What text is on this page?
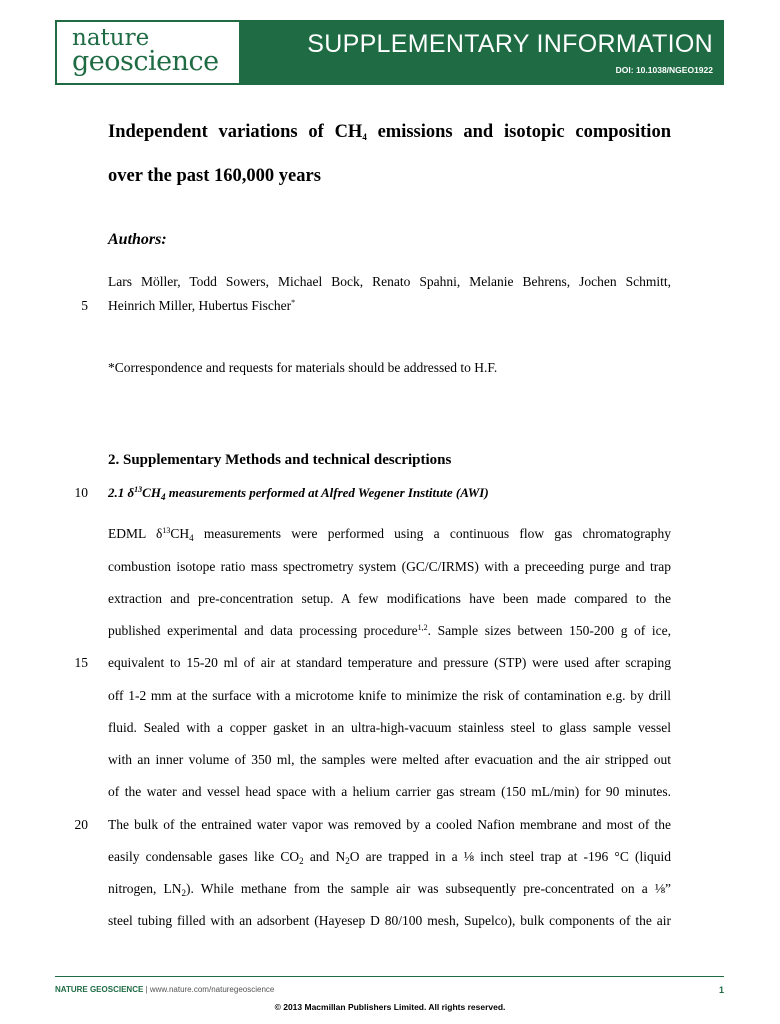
nature
geoscience
SUPPLEMENTARY INFORMATION
DOI: 10.1038/NGEO1922
Independent variations of $CH_4$ emissions and isotopic composition
over the past 160,000 years
Authors:
Lars Möller, Todd Sowers, Michael Bock, Renato Spahni, Melanie Behrens, Jochen Schmitt,
5 Heinrich Miller, Hubertus Fischer*
*Correspondence and requests for materials should be addressed to H.F.
2. Supplementary Methods and technical descriptions
10 2.1 $\delta^{13}CH_4$ measurements performed at Alfred Wegener Institute (AWI)
EDML $\delta^{13}CH_4$ measurements were performed using a continuous flow gas chromatography
combustion isotope ratio mass spectrometry system (GC/C/IRMS) with a preceeding purge and trap
extraction and pre-concentration setup. A few modifications have been made compared to the
published experimental and data processing procedure$^{1,2}$. Sample sizes between 150-200 g of ice,
15 equivalent to 15-20 ml of air at standard temperature and pressure (STP) were used after scraping
off 1-2 mm at the surface with a microtome knife to minimize the risk of contamination e.g. by drill
fluid. Sealed with a copper gasket in an ultra-high-vacuum stainless steel to glass sample vessel
with an inner volume of 350 ml, the samples were melted after evacuation and the air stripped out
of the water and vessel head space with a helium carrier gas stream (150 mL/min) for 90 minutes.
20 The bulk of the entrained water vapor was removed by a cooled Nafion membrane and most of the
easily condensable gases like $CO_2$ and $N_2O$ are trapped in a ⅛ inch steel trap at -196 °C (liquid
nitrogen, $LN_2$). While methane from the sample air was subsequently pre-concentrated on a ⅛”
steel tubing filled with an adsorbent (Hayesep D 80/100 mesh, Supelco), bulk components of the air
NATURE GEOSCIENCE | www.nature.com/naturegeoscience	1
© 2013 Macmillan Publishers Limited. All rights reserved.
